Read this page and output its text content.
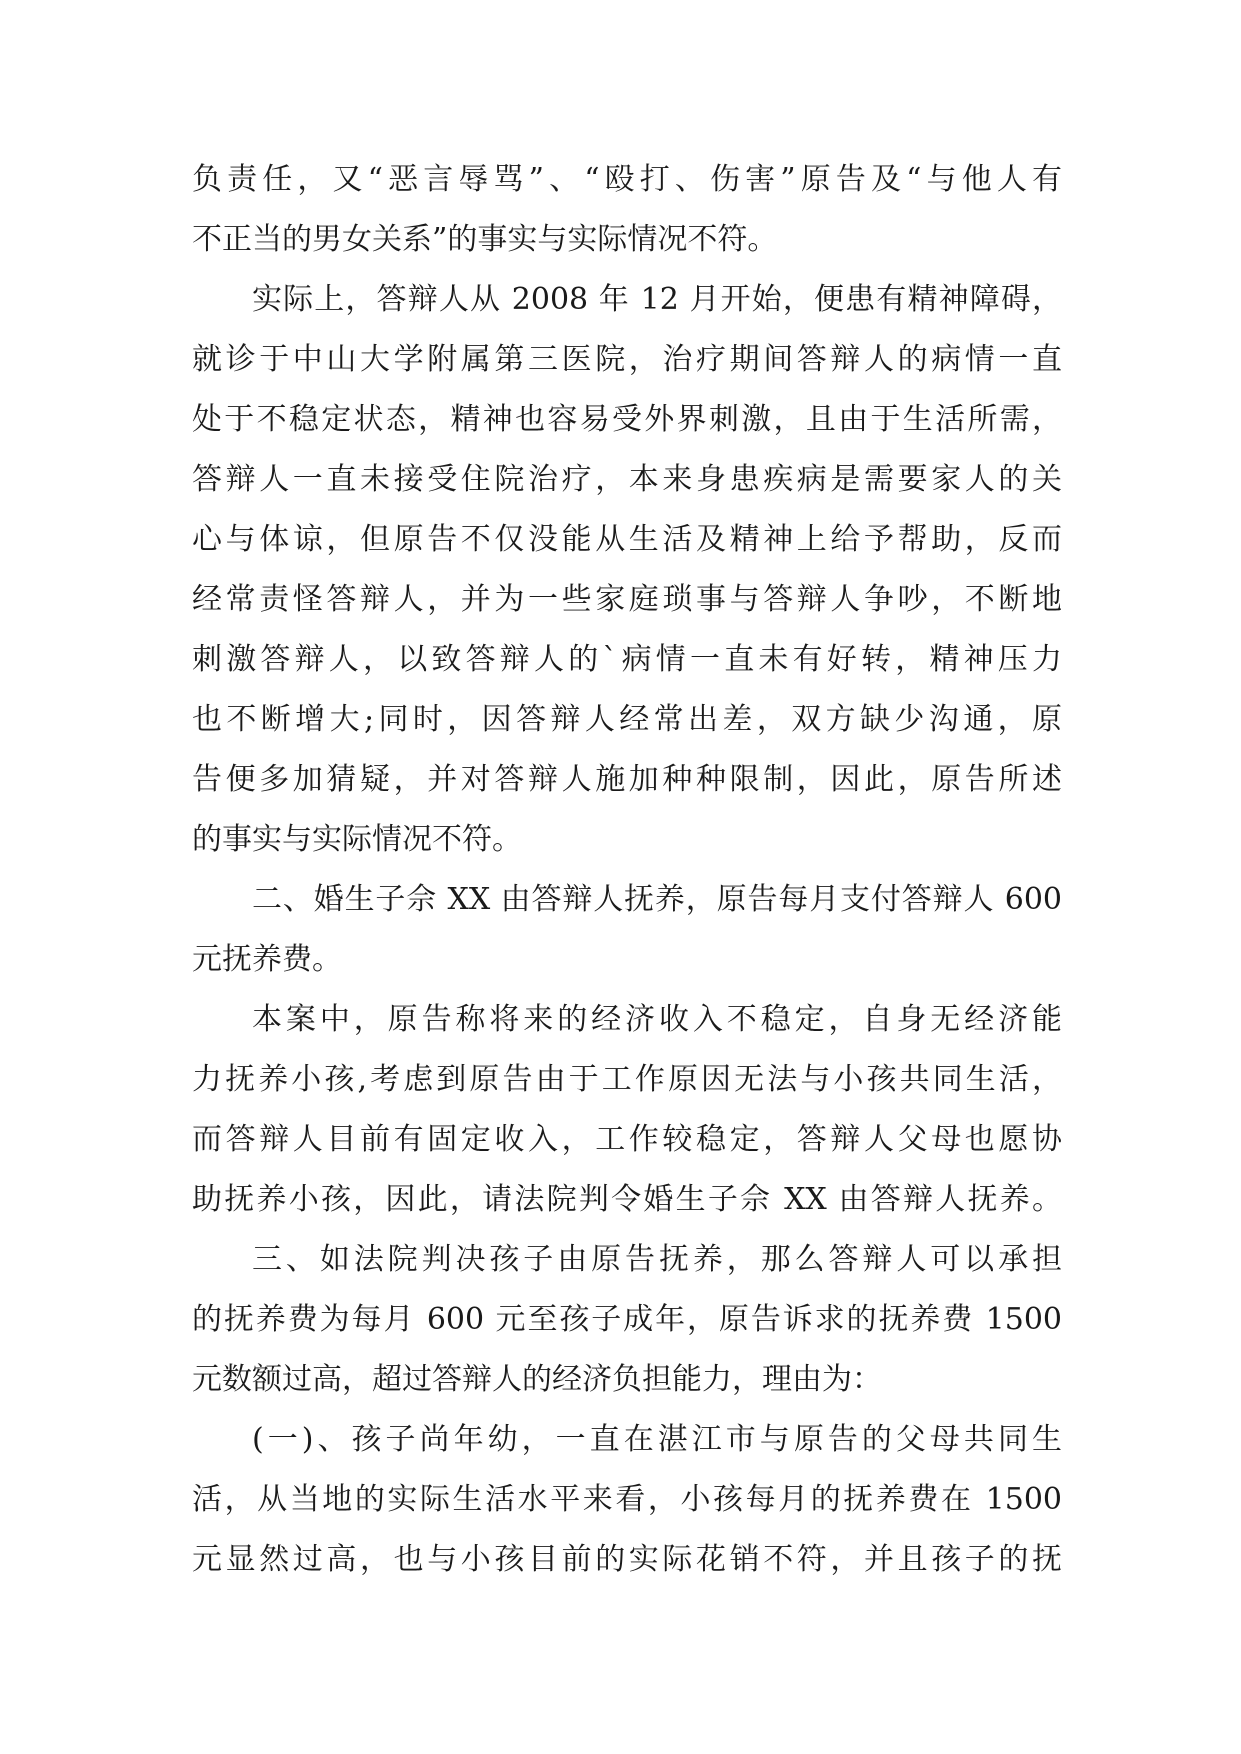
负责任，又“恶言辱骂”、“殴打、伤害”原告及“与他人有
不正当的男女关系”的事实与实际情况不符。
实际上，答辩人从 2008 年 12 月开始，便患有精神障碍，
就诊于中山大学附属第三医院，治疗期间答辩人的病情一直
处于不稳定状态，精神也容易受外界刺激，且由于生活所需，
答辩人一直未接受住院治疗，本来身患疾病是需要家人的关
心与体谅，但原告不仅没能从生活及精神上给予帮助，反而
经常责怪答辩人，并为一些家庭琐事与答辩人争吵，不断地
刺激答辩人，以致答辩人的`病情一直未有好转，精神压力
也不断增大;同时，因答辩人经常出差，双方缺少沟通，原
告便多加猜疑，并对答辩人施加种种限制，因此，原告所述
的事实与实际情况不符。
二、婚生子佘 XX 由答辩人抚养，原告每月支付答辩人 600
元抚养费。
本案中，原告称将来的经济收入不稳定，自身无经济能
力抚养小孩,考虑到原告由于工作原因无法与小孩共同生活，
而答辩人目前有固定收入，工作较稳定，答辩人父母也愿协
助抚养小孩，因此，请法院判令婚生子佘 XX 由答辩人抚养。
三、如法院判决孩子由原告抚养，那么答辩人可以承担
的抚养费为每月 600 元至孩子成年，原告诉求的抚养费 1500
元数额过高，超过答辩人的经济负担能力，理由为：
(一)、孩子尚年幼，一直在湛江市与原告的父母共同生
活，从当地的实际生活水平来看，小孩每月的抚养费在 1500
元显然过高，也与小孩目前的实际花销不符，并且孩子的抚
